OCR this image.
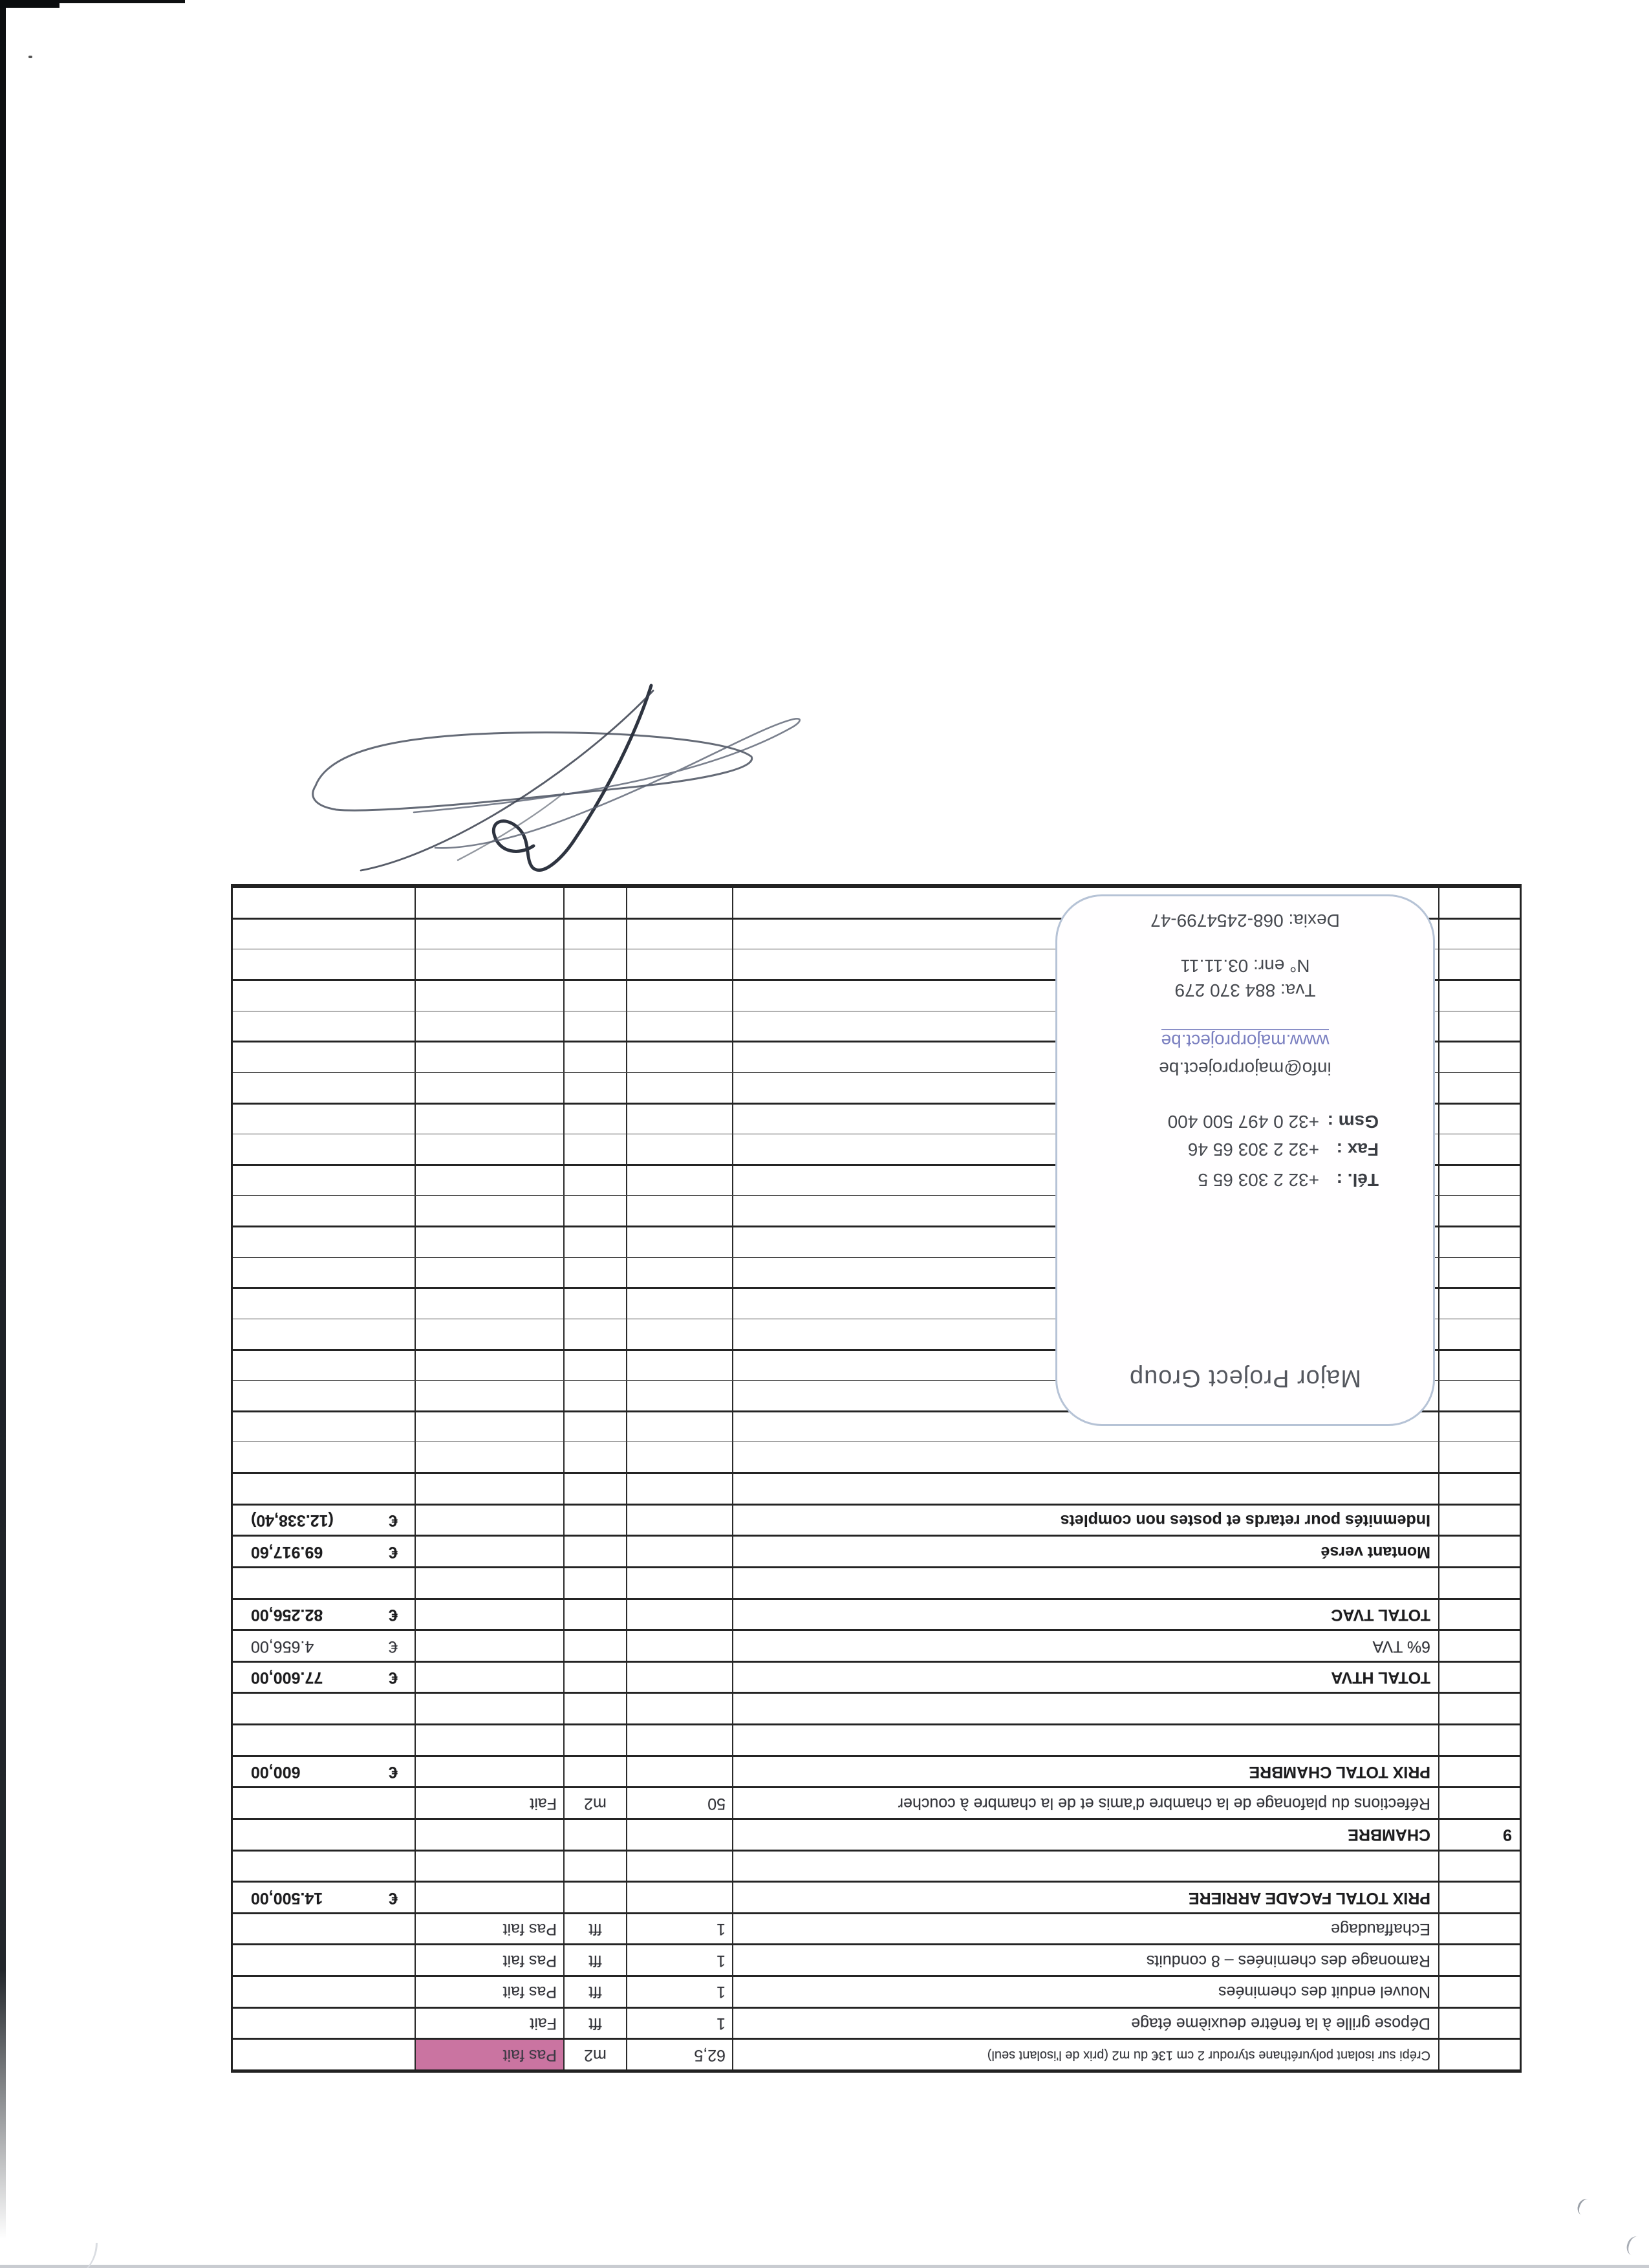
Crépi sur isolant polyuréthane styrodur 2 cm 13€ du m2 (prix de l'isolant seul)
62,5
m2
Pas fait
Dépose grille à la fenêtre deuxième étage
1
fft
Fait
Nouvel enduit des cheminées
1
fft
Pas fait
Ramonage des cheminées – 8 conduits
1
fft
Pas fait
Echaffaudage
1
fft
Pas fait
PRIX TOTAL FACADE ARRIERE
€
14.500,00
9
CHAMBRE
Réfections du plafonage de la chambre d'amis et de la chambre à coucher
50
m2
Fait
PRIX TOTAL CHAMBRE
€
600,00
TOTAL HTVA
€
77.600,00
6% TVA
€
4.656,00
TOTAL TVAC
€
82.256,00
Montant versé
€
69.917,60
Indemnités pour retards et postes non complets
€
(12.338,40)
Major Project Group
Tél. :
+32 2 303 65 5
Fax :
+32 2 303 65 46
Gsm :
+32 0 497 500 400
info@majorproject.be
www.majorproject.be
Tva: 884 370 279
N° enr: 03.11.11
Dexia: 068-2454799-47
